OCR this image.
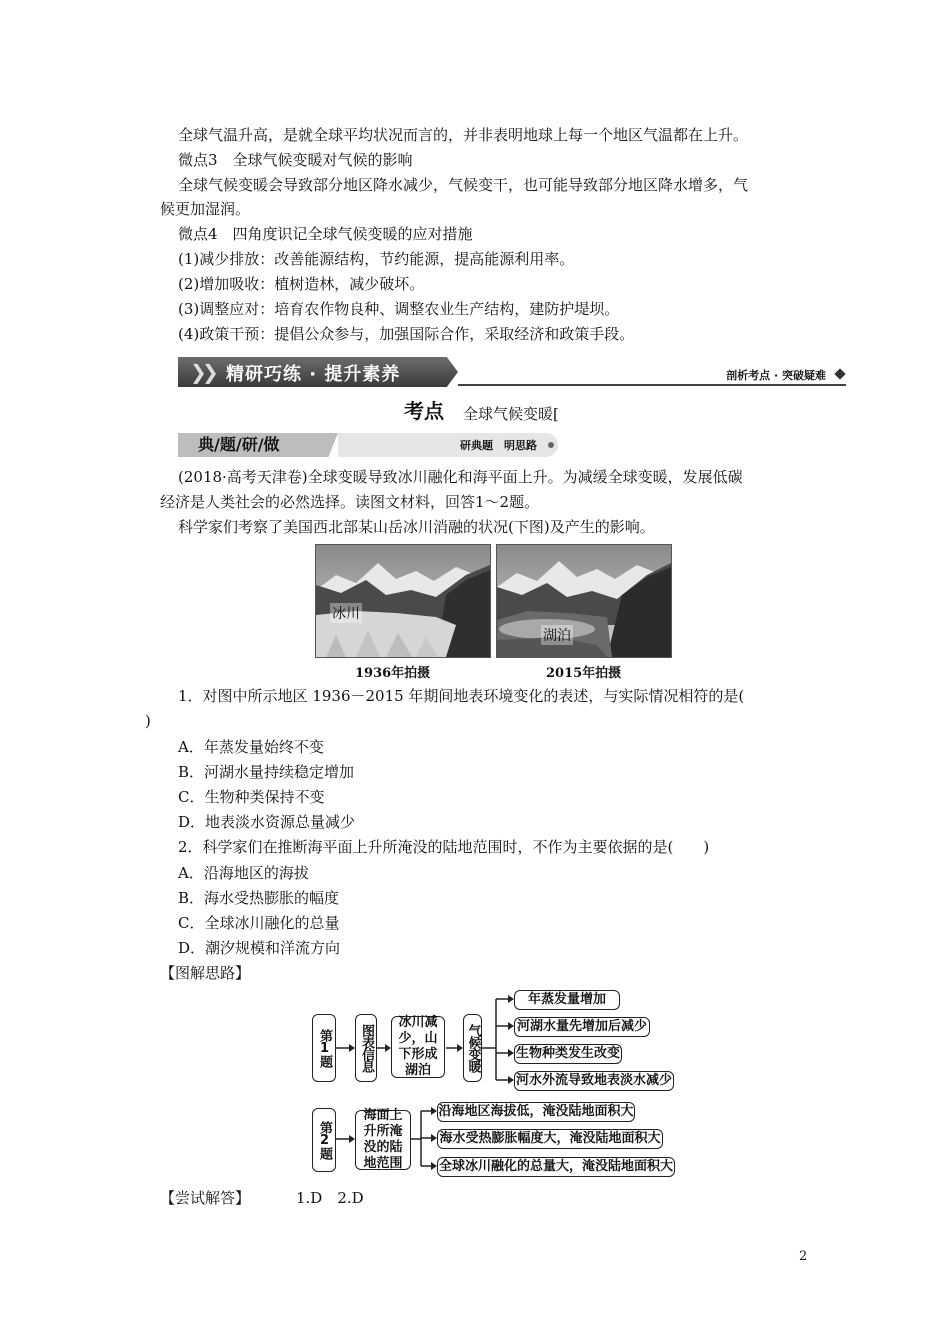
全球气温升高，是就全球平均状况而言的，并非表明地球上每一个地区气温都在上升。
微点3　全球气候变暖对气候的影响
全球气候变暖会导致部分地区降水减少，气候变干，也可能导致部分地区降水增多，气
候更加湿润。
微点4　四角度识记全球气候变暖的应对措施
(1)减少排放：改善能源结构，节约能源，提高能源利用率。
(2)增加吸收：植树造林，减少破坏。
(3)调整应对：培育农作物良种、调整农业生产结构，建防护堤坝。
(4)政策干预：提倡公众参与，加强国际合作，采取经济和政策手段。
❯
❯ 精研巧练 · 提升素养	剖析考点 · 突破疑难
考点 全球气候变暖[
典/题/研/做	研典题　明思路
(2018·高考天津卷)全球变暖导致冰川融化和海平面上升。为减缓全球变暖，发展低碳
经济是人类社会的必然选择。读图文材料，回答1～2题。
科学家们考察了美国西北部某山岳冰川消融的状况(下图)及产生的影响。
冰川
湖泊
1936年拍摄	2015年拍摄
1．对图中所示地区 1936－2015 年期间地表环境变化的表述，与实际情况相符的是(
)
A．年蒸发量始终不变
B．河湖水量持续稳定增加
C．生物种类保持不变
D．地表淡水资源总量减少
2．科学家们在推断海平面上升所淹没的陆地范围时，不作为主要依据的是(　　)
A．沿海地区的海拔
B．海水受热膨胀的幅度
C．全球冰川融化的总量
D．潮汐规模和洋流方向
【图解思路】
第1题 图表信息
冰川减少，山下形成湖泊	气候变暖
年蒸发量增加
河湖水量先增加后减少
生物种类发生改变
河水外流导致地表淡水减少
第2题
海面上升所淹没的陆地范围
沿海地区海拔低，淹没陆地面积大
海水受热膨胀幅度大，淹没陆地面积大
全球冰川融化的总量大，淹没陆地面积大
【尝试解答】	1.D　2.D
2
